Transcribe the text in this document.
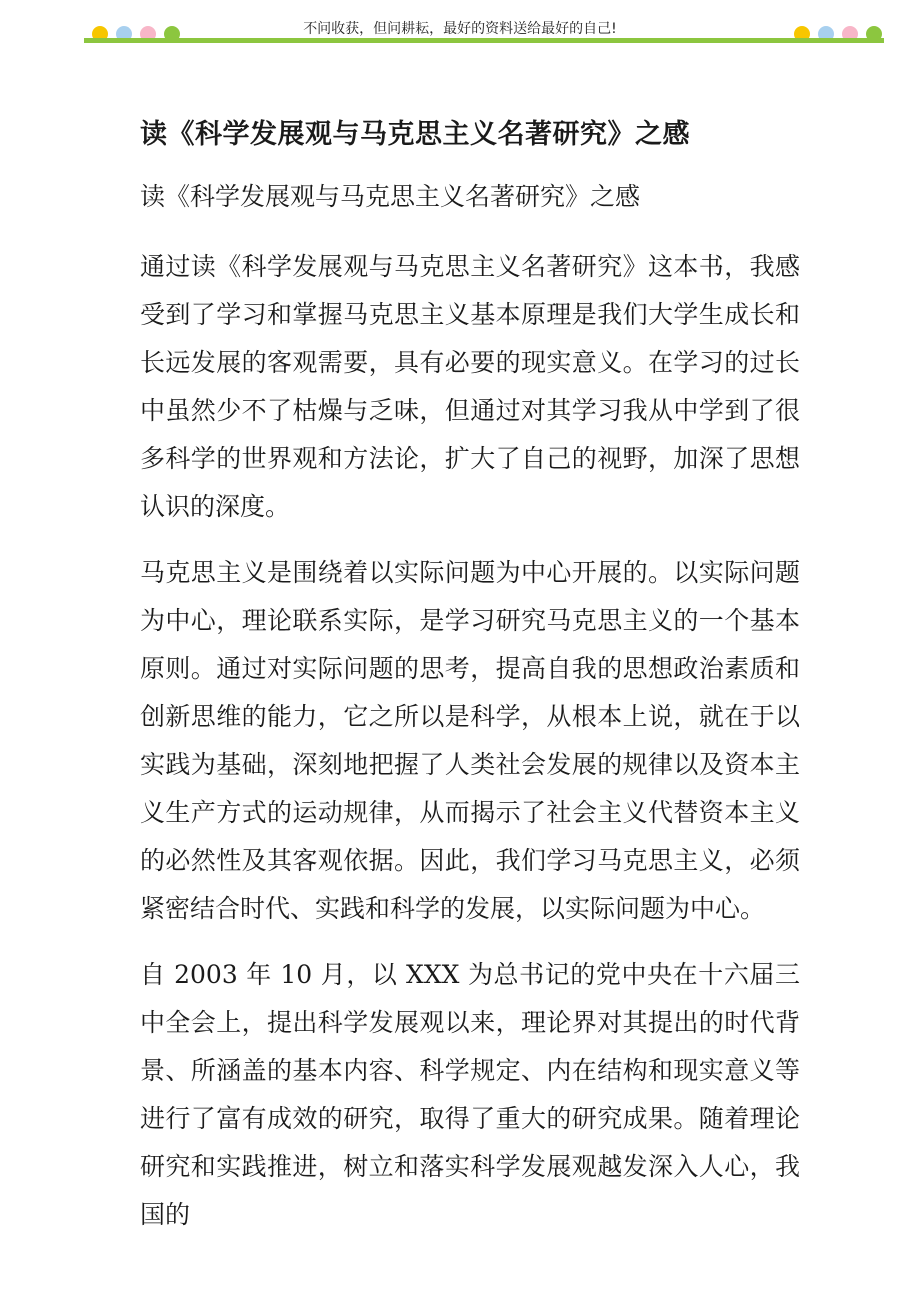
不问收获，但问耕耘，最好的资料送给最好的自己!
读《科学发展观与马克思主义名著研究》之感

读《科学发展观与马克思主义名著研究》之感

通过读《科学发展观与马克思主义名著研究》这本书，我感受到了学习和掌握马克思主义基本原理是我们大学生成长和长远发展的客观需要，具有必要的现实意义。在学习的过长中虽然少不了枯燥与乏味，但通过对其学习我从中学到了很多科学的世界观和方法论，扩大了自己的视野，加深了思想认识的深度。

马克思主义是围绕着以实际问题为中心开展的。以实际问题为中心，理论联系实际，是学习研究马克思主义的一个基本原则。通过对实际问题的思考，提高自我的思想政治素质和创新思维的能力，它之所以是科学，从根本上说，就在于以实践为基础，深刻地把握了人类社会发展的规律以及资本主义生产方式的运动规律，从而揭示了社会主义代替资本主义的必然性及其客观依据。因此，我们学习马克思主义，必须紧密结合时代、实践和科学的发展，以实际问题为中心。

自 2003 年 10 月，以 XXX 为总书记的党中央在十六届三中全会上，提出科学发展观以来，理论界对其提出的时代背景、所涵盖的基本内容、科学规定、内在结构和现实意义等进行了富有成效的研究，取得了重大的研究成果。随着理论研究和实践推进，树立和落实科学发展观越发深入人心，我国的
